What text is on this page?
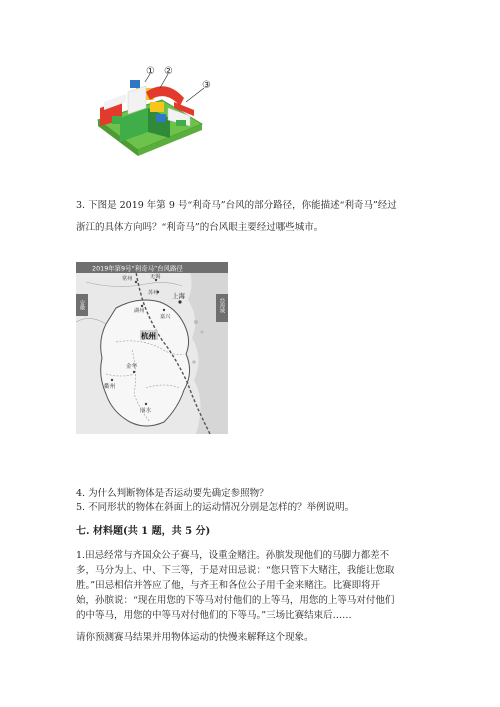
① ②
③
3. 下图是 2019 年第 9 号“利奇马”台风的部分路径，你能描述“利奇马”经过
浙江的具体方向吗？“利奇马”的台风眼主要经过哪些城市。
2019年第9号“利奇马”台风路径
安徽	经海域
上海
常州	无锡
苏州
湖州
嘉兴
杭州
衢州
金华
丽水
4. 为什么判断物体是否运动要先确定参照物？
5. 不同形状的物体在斜面上的运动情况分别是怎样的？举例说明。
七. 材料题(共 1 题，共 5 分)
1.田忌经常与齐国众公子赛马，设重金赌注。孙膑发现他们的马脚力都差不
多，马分为上、中、下三等，于是对田忌说：“您只管下大赌注，我能让您取
胜。”田忌相信并答应了他，与齐王和各位公子用千金来赌注。比赛即将开
始，孙膑说：“现在用您的下等马对付他们的上等马，用您的上等马对付他们
的中等马，用您的中等马对付他们的下等马。”三场比赛结束后……
请你预测赛马结果并用物体运动的快慢来解释这个现象。
